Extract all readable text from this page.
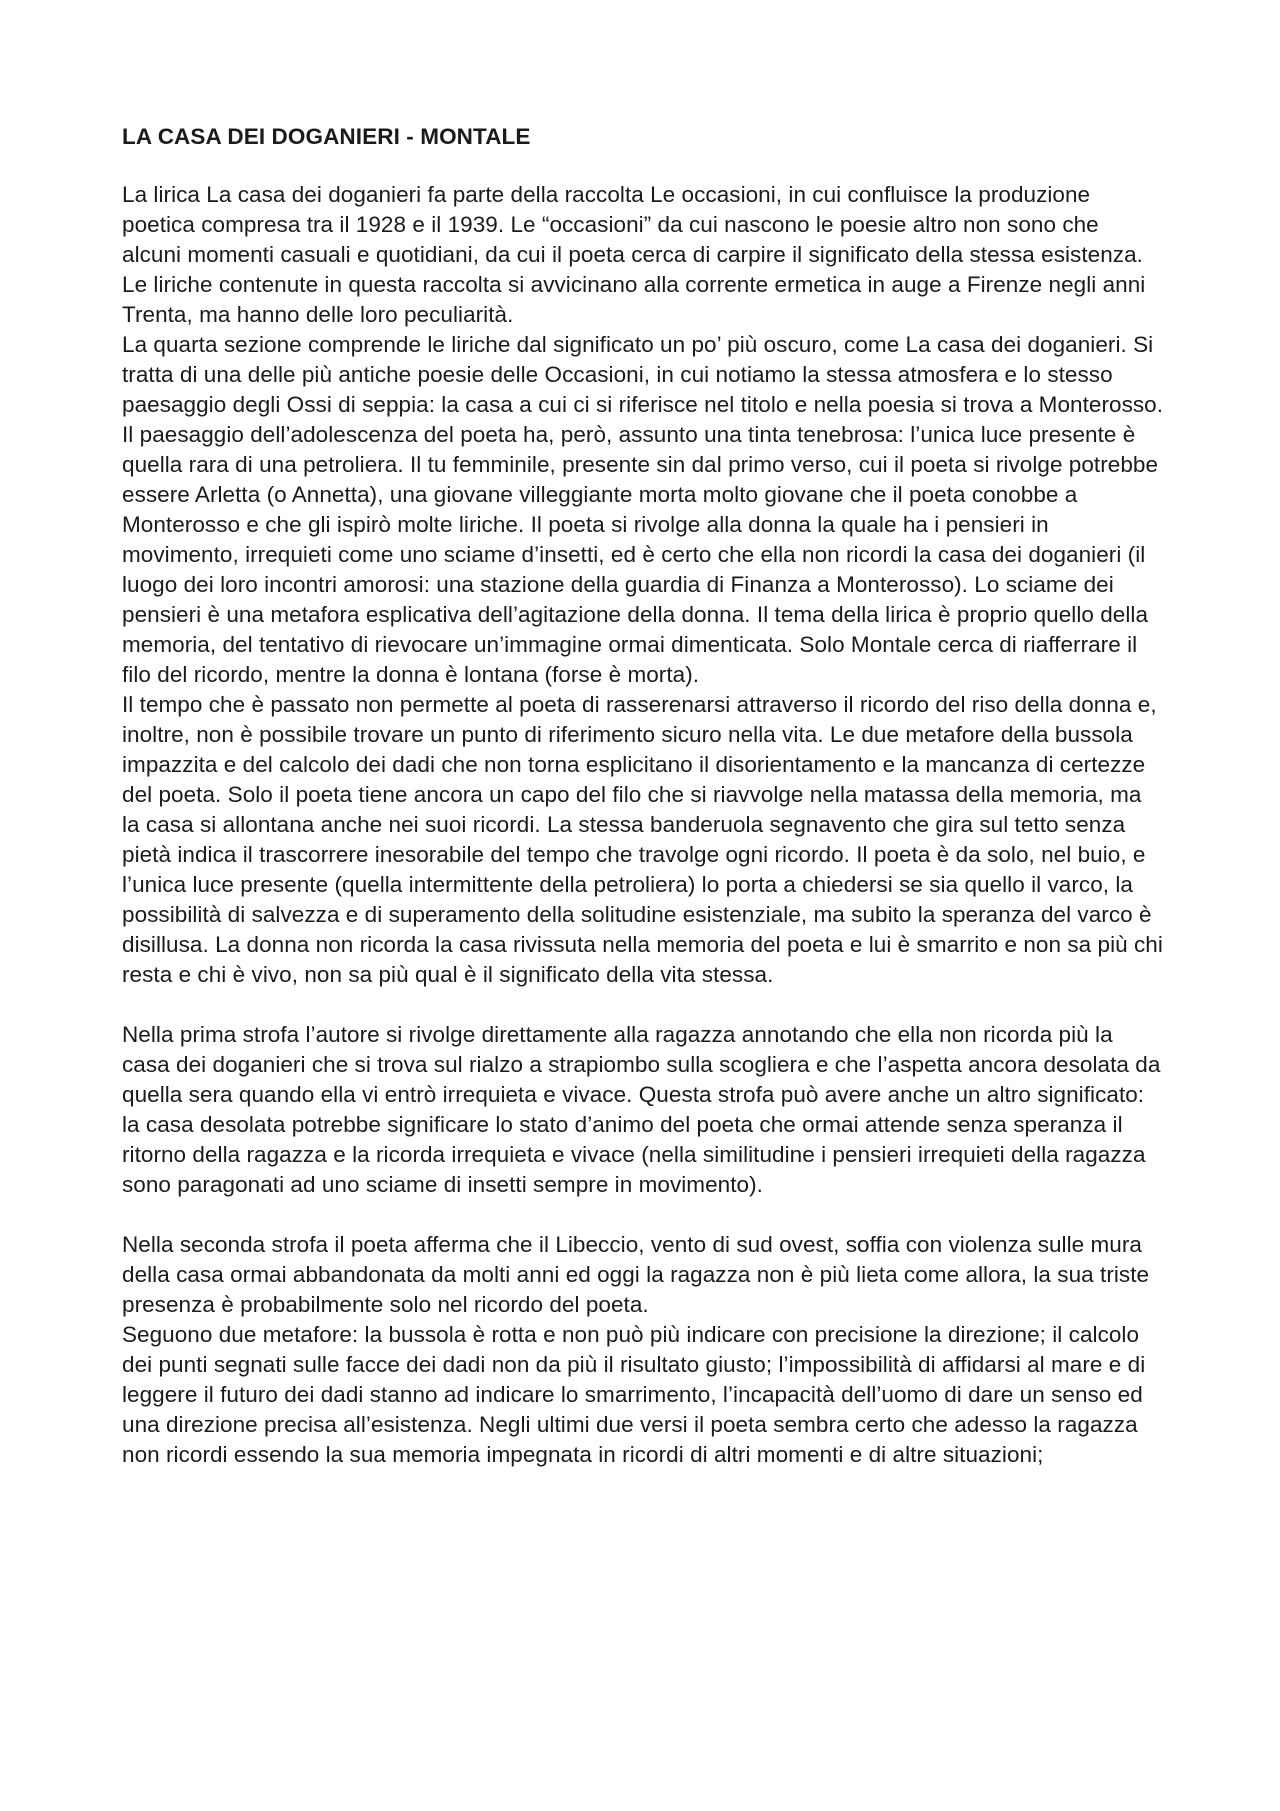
LA CASA DEI DOGANIERI - MONTALE

La lirica La casa dei doganieri fa parte della raccolta Le occasioni, in cui confluisce la produzione poetica compresa tra il 1928 e il 1939. Le “occasioni” da cui nascono le poesie altro non sono che alcuni momenti casuali e quotidiani, da cui il poeta cerca di carpire il significato della stessa esistenza. Le liriche contenute in questa raccolta si avvicinano alla corrente ermetica in auge a Firenze negli anni Trenta, ma hanno delle loro peculiarità.

La quarta sezione comprende le liriche dal significato un po’ più oscuro, come La casa dei doganieri. Si tratta di una delle più antiche poesie delle Occasioni, in cui notiamo la stessa atmosfera e lo stesso paesaggio degli Ossi di seppia: la casa a cui ci si riferisce nel titolo e nella poesia si trova a Monterosso. Il paesaggio dell’adolescenza del poeta ha, però, assunto una tinta tenebrosa: l’unica luce presente è quella rara di una petroliera. Il tu femminile, presente sin dal primo verso, cui il poeta si rivolge potrebbe essere Arletta (o Annetta), una giovane villeggiante morta molto giovane che il poeta conobbe a Monterosso e che gli ispirò molte liriche. Il poeta si rivolge alla donna la quale ha i pensieri in movimento, irrequieti come uno sciame d’insetti, ed è certo che ella non ricordi la casa dei doganieri (il luogo dei loro incontri amorosi: una stazione della guardia di Finanza a Monterosso). Lo sciame dei pensieri è una metafora esplicativa dell’agitazione della donna. Il tema della lirica è proprio quello della memoria, del tentativo di rievocare un’immagine ormai dimenticata. Solo Montale cerca di riafferrare il filo del ricordo, mentre la donna è lontana (forse è morta).

Il tempo che è passato non permette al poeta di rasserenarsi attraverso il ricordo del riso della donna e, inoltre, non è possibile trovare un punto di riferimento sicuro nella vita. Le due metafore della bussola impazzita e del calcolo dei dadi che non torna esplicitano il disorientamento e la mancanza di certezze del poeta. Solo il poeta tiene ancora un capo del filo che si riavvolge nella matassa della memoria, ma la casa si allontana anche nei suoi ricordi. La stessa banderuola segnavento che gira sul tetto senza pietà indica il trascorrere inesorabile del tempo che travolge ogni ricordo. Il poeta è da solo, nel buio, e l’unica luce presente (quella intermittente della petroliera) lo porta a chiedersi se sia quello il varco, la possibilità di salvezza e di superamento della solitudine esistenziale, ma subito la speranza del varco è disillusa. La donna non ricorda la casa rivissuta nella memoria del poeta e lui è smarrito e non sa più chi resta e chi è vivo, non sa più qual è il significato della vita stessa.

Nella prima strofa l’autore si rivolge direttamente alla ragazza annotando che ella non ricorda più la casa dei doganieri che si trova sul rialzo a strapiombo sulla scogliera e che l’aspetta ancora desolata da quella sera quando ella vi entrò irrequieta e vivace. Questa strofa può avere anche un altro significato: la casa desolata potrebbe significare lo stato d’animo del poeta che ormai attende senza speranza il ritorno della ragazza e la ricorda irrequieta e vivace (nella similitudine i pensieri irrequieti della ragazza sono paragonati ad uno sciame di insetti sempre in movimento).

Nella seconda strofa il poeta afferma che il Libeccio, vento di sud ovest, soffia con violenza sulle mura della casa ormai abbandonata da molti anni ed oggi la ragazza non è più lieta come allora, la sua triste presenza è probabilmente solo nel ricordo del poeta.

Seguono due metafore: la bussola è rotta e non può più indicare con precisione la direzione; il calcolo dei punti segnati sulle facce dei dadi non da più il risultato giusto; l’impossibilità di affidarsi al mare e di leggere il futuro dei dadi stanno ad indicare lo smarrimento, l’incapacità dell’uomo di dare un senso ed una direzione precisa all’esistenza. Negli ultimi due versi il poeta sembra certo che adesso la ragazza non ricordi essendo la sua memoria impegnata in ricordi di altri momenti e di altre situazioni;
